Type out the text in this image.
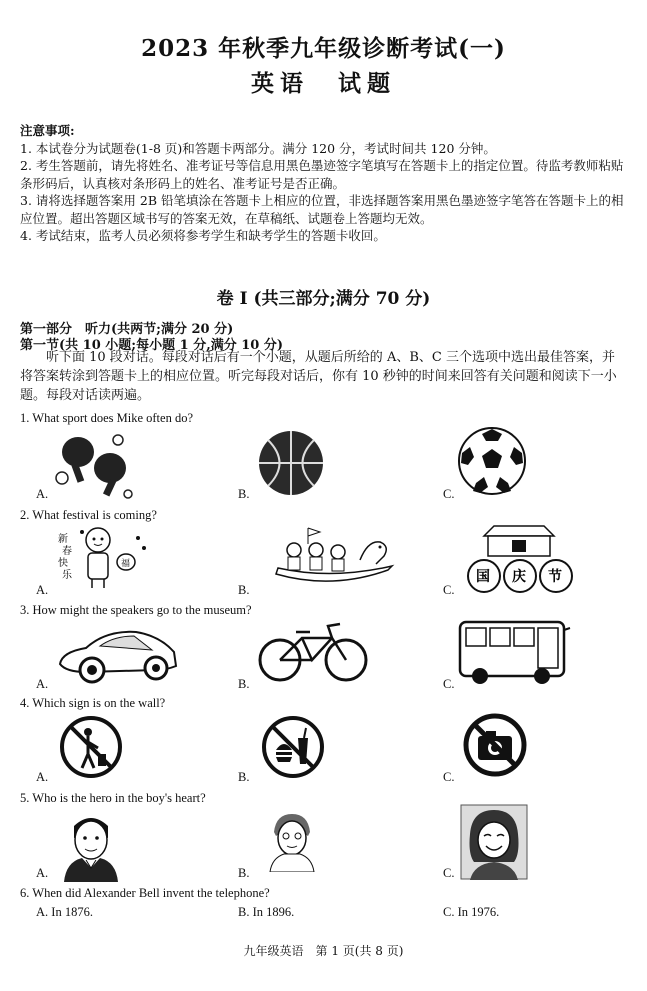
2023 年秋季九年级诊断考试(一)
英语　试题

注意事项:

1. 本试卷分为试题卷(1-8 页)和答题卡两部分。满分 120 分，考试时间共 120 分钟。

2. 考生答题前，请先将姓名、准考证号等信息用黑色墨迹签字笔填写在答题卡上的指定位置。待监考教师粘贴条形码后，认真核对条形码上的姓名、准考证号是否正确。

3. 请将选择题答案用 2B 铅笔填涂在答题卡上相应的位置，非选择题答案用黑色墨迹签字笔答在答题卡上的相应位置。超出答题区域书写的答案无效，在草稿纸、试题卷上答题均无效。

4. 考试结束，监考人员必须将参考学生和缺考学生的答题卡收回。

卷 I (共三部分;满分 70 分)
第一部分　听力(共两节;满分 20 分)
第一节(共 10 小题;每小题 1 分,满分 10 分)
听下面 10 段对话。每段对话后有一个小题，从题后所给的 A、B、C 三个选项中选出最佳答案，并将答案转涂到答题卡上的相应位置。听完每段对话后，你有 10 秒钟的时间来回答有关问题和阅读下一小题。每段对话读两遍。
1. What sport does Mike often do?
A.	B.	C.
2. What festival is coming?
A.	B.	C.
新
春
快
乐
福
国 庆 节
3. How might the speakers go to the museum?
A.	B.	C.
4. Which sign is on the wall?
A.	B.	C.
5. Who is the hero in the boy's heart?
A.	B.	C.
6. When did Alexander Bell invent the telephone?
A. In 1876.	B. In 1896.	C. In 1976.
九年级英语　第 1 页(共 8 页)
